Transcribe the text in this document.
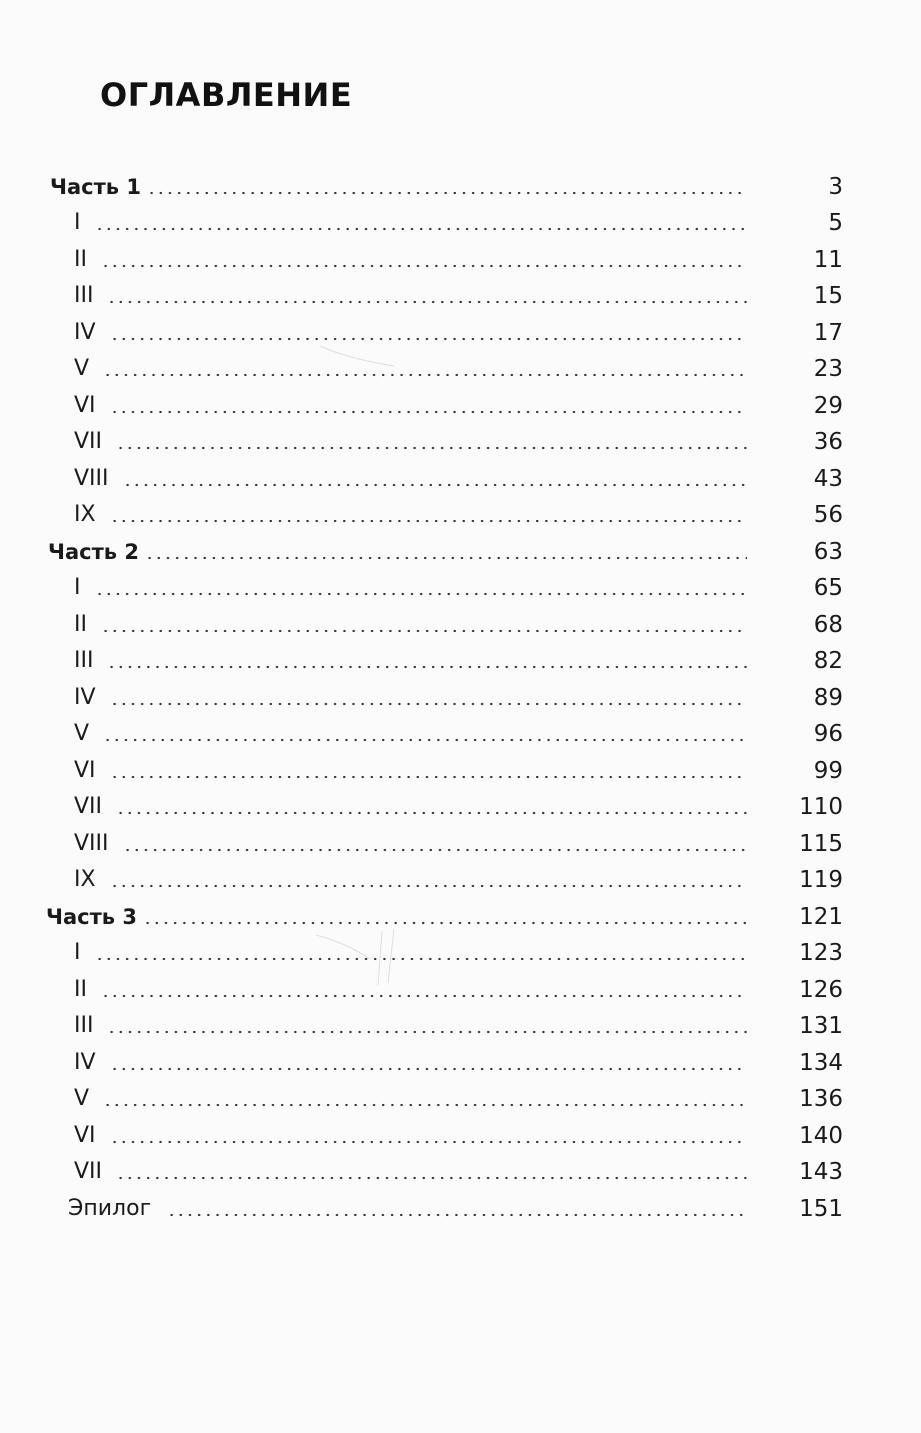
ОГЛАВЛЕНИЕ
Часть 1	3
I	5
II	11
III	15
IV	17
V	23
VI	29
VII	36
VIII	43
IX	56
Часть 2	63
I	65
II	68
III	82
IV	89
V	96
VI	99
VII	110
VIII	115
IX	119
Часть 3	121
I	123
II	126
III	131
IV	134
V	136
VI	140
VII	143
Эпилог	151
